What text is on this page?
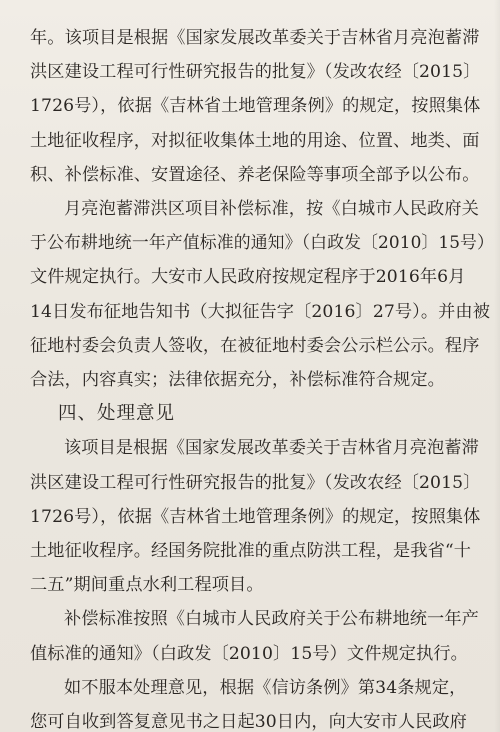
年。该项目是根据《国家发展改革委关于吉林省月亮泡蓄滞
洪区建设工程可行性研究报告的批复》（发改农经〔2015〕
1726号），依据《吉林省土地管理条例》的规定，按照集体
土地征收程序，对拟征收集体土地的用途、位置、地类、面
积、补偿标准、安置途径、养老保险等事项全部予以公布。
月亮泡蓄滞洪区项目补偿标准，按《白城市人民政府关
于公布耕地统一年产值标准的通知》（白政发〔2010〕15号）
文件规定执行。大安市人民政府按规定程序于2016年6月
14日发布征地告知书（大拟征告字〔2016〕27号）。并由被
征地村委会负责人签收，在被征地村委会公示栏公示。程序
合法，内容真实；法律依据充分，补偿标准符合规定。
四、处理意见
该项目是根据《国家发展改革委关于吉林省月亮泡蓄滞
洪区建设工程可行性研究报告的批复》（发改农经〔2015〕
1726号），依据《吉林省土地管理条例》的规定，按照集体
土地征收程序。经国务院批准的重点防洪工程，是我省“十
二五”期间重点水利工程项目。
补偿标准按照《白城市人民政府关于公布耕地统一年产
值标准的通知》（白政发〔2010〕15号）文件规定执行。
如不服本处理意见，根据《信访条例》第34条规定，
您可自收到答复意见书之日起30日内，向大安市人民政府
